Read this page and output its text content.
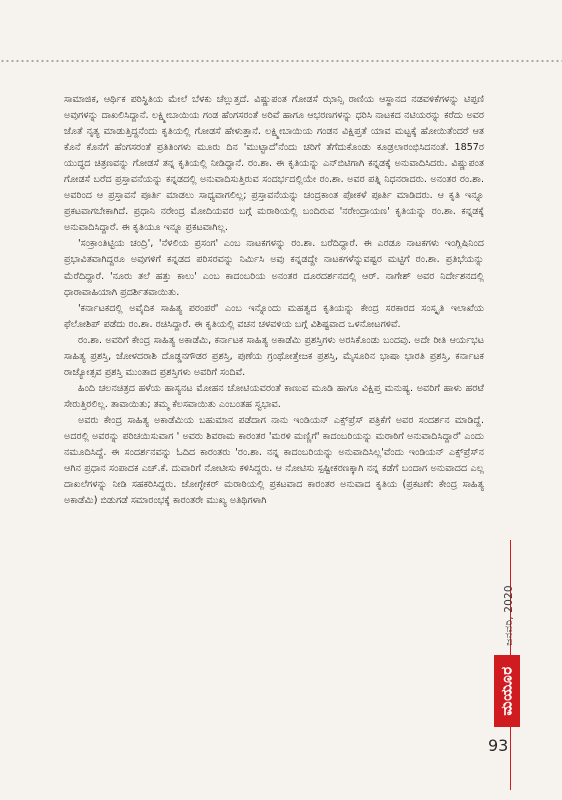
ಸಾಮಾಜಿಕ, ಆರ್ಥಿಕ ಪರಿಸ್ಥಿತಿಯ ಮೇಲೆ ಬೆಳಕು ಚೆಲ್ಲುತ್ತದೆ. ವಿಷ್ಣುಪಂತ ಗೋಡಸೆ ಝಾನ್ಸಿ ರಾಣಿಯ ಆಸ್ಥಾನದ ನಡವಳಿಕೆಗಳನ್ನು ಟಿಪ್ಪಣಿ ಅವುಗಳನ್ನು ದಾಖಲಿಸಿದ್ದಾನೆ. ಲಕ್ಷ್ಮೀಬಾಯಿಯ ಗಂಡ ಹೆಂಗಸರಂತೆ ಅರಿವೆ ಹಾಗೂ ಆಭರಣಗಳನ್ನು ಧರಿಸಿ ನಾಟಕದ ನಟಿಯರನ್ನು ಕರೆದು ಅವರ ಜೊತೆ ನೃತ್ಯ ಮಾಡುತ್ತಿದ್ದನೆಂದು ಕೃತಿಯಲ್ಲಿ ಗೋಡಸೆ ಹೇಳುತ್ತಾನೆ. ಲಕ್ಷ್ಮೀಬಾಯಿಯ ಗಂಡನ ವಿಕ್ಷಿಪ್ತತೆ ಯಾವ ಮಟ್ಟಕ್ಕೆ ಹೋಯಿತೆಂದರೆ ಆತ ಕೊನೆ ಕೊನೆಗೆ ಹೆಂಗಸರಂತೆ ಪ್ರತಿತಿಂಗಳು ಮೂರು ದಿನ 'ಮುಟ್ಟಾದೆ'ನೆಂದು ಚರಿಗೆ ತೆಗೆದುಕೊಂಡು ಕೂಡ್ರಲಾರಂಭಿಸಿದನಂತೆ. 1857ರ ಯುದ್ಧದ ಚಿತ್ರಣವನ್ನು ಗೋಡಸೆ ತನ್ನ ಕೃತಿಯಲ್ಲಿ ನೀಡಿದ್ದಾನೆ. ರಂ.ಶಾ. ಈ ಕೃತಿಯನ್ನು ಎನ್‌ಬಿಟಿಗಾಗಿ ಕನ್ನಡಕ್ಕೆ ಅನುವಾದಿಸಿದರು. ವಿಷ್ಣುಪಂತ ಗೋಡಸೆ ಬರೆದ ಪ್ರಸ್ತಾವನೆಯನ್ನು ಕನ್ನಡದಲ್ಲಿ ಅನುವಾದಿಸುತ್ತಿರುವ ಸಂದರ್ಭದಲ್ಲಿಯೇ ರಂ.ಶಾ. ಅವರ ಪತ್ನಿ ನಿಧನರಾದರು. ಅನಂತರ ರಂ.ಶಾ. ಅವರಿಂದ ಆ ಪ್ರಸ್ತಾವನೆ ಪೂರ್ತಿ ಮಾಡಲು ಸಾಧ್ಯವಾಗಲಿಲ್ಲ; ಪ್ರಸ್ತಾವನೆಯನ್ನು ಚಂದ್ರಕಾಂತ ಪೋಕಳೆ ಪೂರ್ತಿ ಮಾಡಿದರು. ಆ ಕೃತಿ ಇನ್ನೂ ಪ್ರಕಟವಾಗಬೇಕಾಗಿದೆ. ಪ್ರಧಾನಿ ನರೇಂದ್ರ ಮೋದಿಯವರ ಬಗ್ಗೆ ಮರಾಠಿಯಲ್ಲಿ ಬಂದಿರುವ 'ನರೇಂದ್ರಾಯಣ' ಕೃತಿಯನ್ನು ರಂ.ಶಾ. ಕನ್ನಡಕ್ಕೆ ಅನುವಾದಿಸಿದ್ದಾರೆ. ಈ ಕೃತಿಯೂ ಇನ್ನೂ ಪ್ರಕಟವಾಗಿಲ್ಲ.

'ಸಂಕ್ರಾಂತಿಟ್ಟಿಯ ಚಂದ್ರಿ', 'ನೆಳಲಿಯ ಪ್ರಸಂಗ' ಎಂಬ ನಾಟಕಗಳನ್ನು ರಂ.ಶಾ. ಬರೆದಿದ್ದಾರೆ. ಈ ಎರಡೂ ನಾಟಕಗಳು ಇಂಗ್ಲಿಷಿನಿಂದ ಪ್ರಭಾವಿತವಾಗಿದ್ದರೂ ಅವುಗಳಿಗೆ ಕನ್ನಡದ ಪರಿಸರವನ್ನು ನಿರ್ಮಿಸಿ ಅವು ಕನ್ನಡದ್ದೇ ನಾಟಕಗಳೆನ್ನುವಷ್ಟರ ಮಟ್ಟಿಗೆ ರಂ.ಶಾ. ಪ್ರತಿಭೆಯನ್ನು ಮೆರೆದಿದ್ದಾರೆ. 'ನೂರು ತಲೆ ಹತ್ತು ಕಾಲು' ಎಂಬ ಕಾದಂಬರಿಯ ಅನಂತರ ದೂರದರ್ಶನದಲ್ಲಿ ಆರ್. ನಾಗೇಶ್ ಅವರ ನಿರ್ದೇಶನದಲ್ಲಿ ಧಾರಾವಾಹಿಯಾಗಿ ಪ್ರದರ್ಶಿತವಾಯಿತು.

'ಕರ್ನಾಟಕದಲ್ಲಿ ಅವೈದಿಕ ಸಾಹಿತ್ಯ ಪರಂಪರೆ' ಎಂಬ ಇನ್ನೊಂದು ಮಹತ್ವದ ಕೃತಿಯನ್ನು ಕೇಂದ್ರ ಸರಕಾರದ ಸಂಸ್ಕೃತಿ ಇಲಾಖೆಯ ಫೆಲೋಶಿಪ್ ಪಡೆದು ರಂ.ಶಾ. ರಚಿಸಿದ್ದಾರೆ. ಈ ಕೃತಿಯಲ್ಲಿ ವಚನ ಚಳವಳಿಯ ಬಗ್ಗೆ ವಿಶಿಷ್ಟವಾದ ಒಳನೋಟಗಳಿವೆ.

ರಂ.ಶಾ. ಅವರಿಗೆ ಕೇಂದ್ರ ಸಾಹಿತ್ಯ ಅಕಾಡೆಮಿ, ಕರ್ನಾಟಕ ಸಾಹಿತ್ಯ ಅಕಾಡೆಮಿ ಪ್ರಶಸ್ತಿಗಳು ಅರಸಿಕೊಂಡು ಬಂದವು. ಅದೇ ರೀತಿ ಆರ್ಯಭಟ ಸಾಹಿತ್ಯ ಪ್ರಶಸ್ತಿ, ಜೋಳದರಾಶಿ ದೊಡ್ಡನಗೌಡರ ಪ್ರಶಸ್ತಿ, ಪುಣೆಯ ಗ್ರಂಥೋತ್ತೇಜಕ ಪ್ರಶಸ್ತಿ, ಮೈಸೂರಿನ ಭಾಷಾ ಭಾರತಿ ಪ್ರಶಸ್ತಿ, ಕರ್ನಾಟಕ ರಾಜ್ಯೋತ್ಸವ ಪ್ರಶಸ್ತಿ ಮುಂತಾದ ಪ್ರಶಸ್ತಿಗಳು ಅವರಿಗೆ ಸಂದಿವೆ.

ಹಿಂದಿ ಚಲನಚಿತ್ರದ ಹಳೆಯ ಹಾಸ್ಯನಟ ಮೋಹನ ಚೋಟಿಯವರಂತೆ ಕಾಣುವ ಮೂಡಿ ಹಾಗೂ ವಿಕ್ಷಿಪ್ತ ಮನುಷ್ಯ. ಅವರಿಗೆ ಹಾಳು ಹರಟೆ ಸೇರುತ್ತಿರಲಿಲ್ಲ. ತಾವಾಯಿತು; ತಮ್ಮ ಕೆಲಸವಾಯಿತು ಎಂಬಂತಹ ಸ್ವಭಾವ.

ಅವರು ಕೇಂದ್ರ ಸಾಹಿತ್ಯ ಅಕಾಡೆಮಿಯ ಬಹುಮಾನ ಪಡೆದಾಗ ನಾನು ಇಂಡಿಯನ್ ಎಕ್ಸ್‌ಪ್ರೆಸ್ ಪತ್ರಿಕೆಗೆ ಅವರ ಸಂದರ್ಶನ ಮಾಡಿದ್ದೆ. ಅದರಲ್ಲಿ ಅವರನ್ನು ಪರಿಚಯಿಸುವಾಗ ' ಅವರು ಶಿವರಾಮ ಕಾರಂತರ 'ಮರಳಿ ಮಣ್ಣಿಗೆ' ಕಾದಂಬರಿಯನ್ನು ಮರಾಠಿಗೆ ಅನುವಾದಿಸಿದ್ದಾರೆ' ಎಂದು ನಮೂದಿಸಿದ್ದೆ. ಈ ಸಂದರ್ಶನವನ್ನು ಓದಿದ ಕಾರಂತರು 'ರಂ.ಶಾ. ನನ್ನ ಕಾದಂಬರಿಯನ್ನು ಅನುವಾದಿಸಿಲ್ಲ'ವೆಂದು ಇಂಡಿಯನ್ ಎಕ್ಸ್‌ಪ್ರೆಸ್‌ನ ಆಗಿನ ಪ್ರಧಾನ ಸಂಪಾದಕ ಎಚ್.ಕೆ. ದುವಾರಿಗೆ ನೋಟೀಸು ಕಳಿಸಿದ್ದರು. ಆ ನೋಟಿಸು ಸ್ಪಷ್ಟೀಕರಣಕ್ಕಾಗಿ ನನ್ನ ಕಡೆಗೆ ಬಂದಾಗ ಅನುವಾದದ ಎಲ್ಲ ದಾಖಲೆಗಳನ್ನು ನೀಡಿ ಸಹಕರಿಸಿದ್ದರು. ಜೋಗ್ಳೇಕರ್ ಮರಾಠಿಯಲ್ಲಿ ಪ್ರಕಟವಾದ ಕಾರಂತರ ಅನುವಾದ ಕೃತಿಯ (ಪ್ರಕಟಣೆ: ಕೇಂದ್ರ ಸಾಹಿತ್ಯ ಅಕಾಡೆಮಿ) ಬಿಡುಗಡೆ ಸಮಾರಂಭಕ್ಕೆ ಕಾರಂತರೇ ಮುಖ್ಯ ಅತಿಥಿಗಳಾಗಿ

ಜನವರಿ, 2020
ಮಯೂರ
93
